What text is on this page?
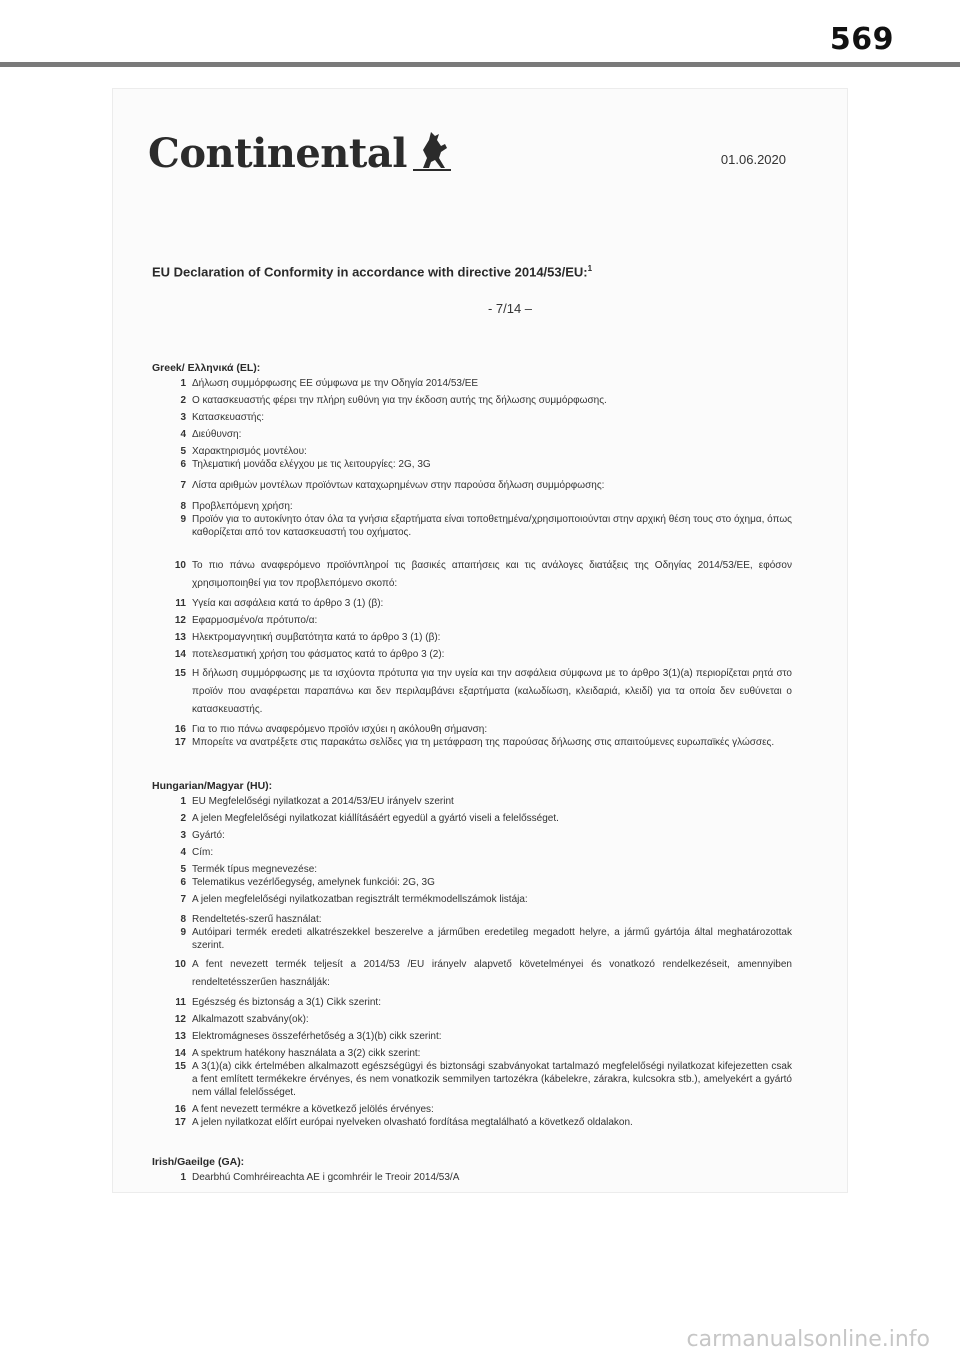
569
Continental	01.06.2020
EU Declaration of Conformity in accordance with directive 2014/53/EU:$^1$
- 7/14 –
Greek/ Ελληνικά (EL):
1 Δήλωση συμμόρφωσης ΕΕ σύμφωνα με την Οδηγία 2014/53/ΕΕ
2 Ο κατασκευαστής φέρει την πλήρη ευθύνη για την έκδοση αυτής της δήλωσης συμμόρφωσης.
3 Κατασκευαστής:
4 Διεύθυνση:
5 Χαρακτηρισμός μοντέλου:
6 Τηλεματική μονάδα ελέγχου με τις λειτουργίες: 2G, 3G
7 Λίστα αριθμών μοντέλων προϊόντων καταχωρημένων στην παρούσα δήλωση συμμόρφωσης:
8 Προβλεπόμενη χρήση:
9 Προϊόν για το αυτοκίνητο όταν όλα τα γνήσια εξαρτήματα είναι τοποθετημένα/χρησιμοποιούνται στην αρχική θέση τους στο όχημα, όπως καθορίζεται από τον κατασκευαστή του οχήματος.
10 Το πιο πάνω αναφερόμενο προϊόνπληροί τις βασικές απαιτήσεις και τις ανάλογες διατάξεις της Οδηγίας 2014/53/ΕΕ, εφόσον χρησιμοποιηθεί για τον προβλεπόμενο σκοπό:
11 Υγεία και ασφάλεια κατά το άρθρο 3 (1) (β):
12 Εφαρμοσμένο/α πρότυπο/α:
13 Ηλεκτρομαγνητική συμβατότητα κατά το άρθρο 3 (1) (β):
14 ποτελεσματική χρήση του φάσματος κατά το άρθρο 3 (2):
15 Η δήλωση συμμόρφωσης με τα ισχύοντα πρότυπα για την υγεία και την ασφάλεια σύμφωνα με το άρθρο 3(1)(a) περιορίζεται ρητά στο προϊόν που αναφέρεται παραπάνω και δεν περιλαμβάνει εξαρτήματα (καλωδίωση, κλειδαριά, κλειδί) για τα οποία δεν ευθύνεται ο κατασκευαστής.
16 Για το πιο πάνω αναφερόμενο προϊόν ισχύει η ακόλουθη σήμανση:
17 Μπορείτε να ανατρέξετε στις παρακάτω σελίδες για τη μετάφραση της παρούσας δήλωσης στις απαιτούμενες ευρωπαϊκές γλώσσες.
Hungarian/Magyar (HU):
1 EU Megfelelőségi nyilatkozat a 2014/53/EU irányelv szerint
2 A jelen Megfelelőségi nyilatkozat kiállításáért egyedül a gyártó viseli a felelősséget.
3 Gyártó:
4 Cím:
5 Termék típus megnevezése:
6 Telematikus vezérlőegység, amelynek funkciói: 2G, 3G
7 A jelen megfelelőségi nyilatkozatban regisztrált termékmodellszámok listája:
8 Rendeltetés-szerű használat:
9 Autóipari termék eredeti alkatrészekkel beszerelve a járműben eredetileg megadott helyre, a jármű gyártója által meghatározottak szerint.
10 A fent nevezett termék teljesít a 2014/53 /EU irányelv alapvető követelményei és vonatkozó rendelkezéseit, amennyiben rendeltetésszerűen használják:
11 Egészség és biztonság a 3(1) Cikk szerint:
12 Alkalmazott szabvány(ok):
13 Elektromágneses összeférhetőség a 3(1)(b) cikk szerint:
14 A spektrum hatékony használata a 3(2) cikk szerint:
15 A 3(1)(a) cikk értelmében alkalmazott egészségügyi és biztonsági szabványokat tartalmazó megfelelőségi nyilatkozat kifejezetten csak a fent említett termékekre érvényes, és nem vonatkozik semmilyen tartozékra (kábelekre, zárakra, kulcsokra stb.), amelyekért a gyártó nem vállal felelősséget.
16 A fent nevezett termékre a következő jelölés érvényes:
17 A jelen nyilatkozat előírt európai nyelveken olvasható fordítása megtalálható a következő oldalakon.
Irish/Gaeilge (GA):
1 Dearbhú Comhréireachta AE i gcomhréir le Treoir 2014/53/A
carmanualsonline.info
